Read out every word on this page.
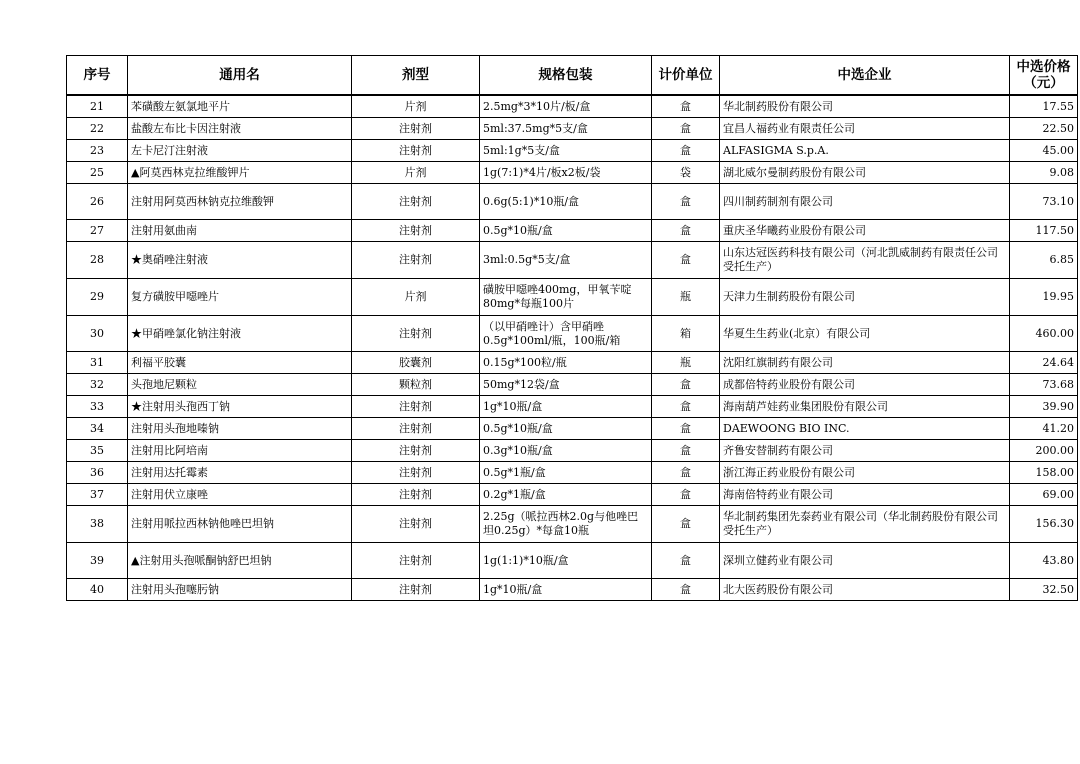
序号	通用名	剂型	规格包装	计价单位	中选企业	中选价格
（元）
21	苯磺酸左氨氯地平片	片剂	2.5mg*3*10片/板/盒	盒	华北制药股份有限公司	17.55
22	盐酸左布比卡因注射液	注射剂	5ml:37.5mg*5支/盒	盒	宜昌人福药业有限责任公司	22.50
23	左卡尼汀注射液	注射剂	5ml:1g*5支/盒	盒	ALFASIGMA S.p.A.	45.00
25	▲阿莫西林克拉维酸钾片	片剂	1g(7:1)*4片/板x2板/袋	袋	湖北威尔曼制药股份有限公司	9.08
26	注射用阿莫西林钠克拉维酸钾	注射剂	0.6g(5:1)*10瓶/盒	盒	四川制药制剂有限公司	73.10
27	注射用氨曲南	注射剂	0.5g*10瓶/盒	盒	重庆圣华曦药业股份有限公司	117.50
28	★奥硝唑注射液	注射剂	3ml:0.5g*5支/盒	盒	山东达冠医药科技有限公司（河北凯威制药有限责任公司受托生产）	6.85
29	复方磺胺甲噁唑片	片剂	磺胺甲噁唑400mg，甲氧苄啶80mg*每瓶100片	瓶	天津力生制药股份有限公司	19.95
30	★甲硝唑氯化钠注射液	注射剂	（以甲硝唑计）含甲硝唑0.5g*100ml/瓶，100瓶/箱	箱	华夏生生药业(北京）有限公司	460.00
31	利福平胶囊	胶囊剂	0.15g*100粒/瓶	瓶	沈阳红旗制药有限公司	24.64
32	头孢地尼颗粒	颗粒剂	50mg*12袋/盒	盒	成都倍特药业股份有限公司	73.68
33	★注射用头孢西丁钠	注射剂	1g*10瓶/盒	盒	海南葫芦娃药业集团股份有限公司	39.90
34	注射用头孢地嗪钠	注射剂	0.5g*10瓶/盒	盒	DAEWOONG BIO INC.	41.20
35	注射用比阿培南	注射剂	0.3g*10瓶/盒	盒	齐鲁安替制药有限公司	200.00
36	注射用达托霉素	注射剂	0.5g*1瓶/盒	盒	浙江海正药业股份有限公司	158.00
37	注射用伏立康唑	注射剂	0.2g*1瓶/盒	盒	海南倍特药业有限公司	69.00
38	注射用哌拉西林钠他唑巴坦钠	注射剂	2.25g（哌拉西林2.0g与他唑巴坦0.25g）*每盒10瓶	盒	华北制药集团先泰药业有限公司（华北制药股份有限公司受托生产）	156.30
39	▲注射用头孢哌酮钠舒巴坦钠	注射剂	1g(1:1)*10瓶/盒	盒	深圳立健药业有限公司	43.80
40	注射用头孢噻肟钠	注射剂	1g*10瓶/盒	盒	北大医药股份有限公司	32.50
